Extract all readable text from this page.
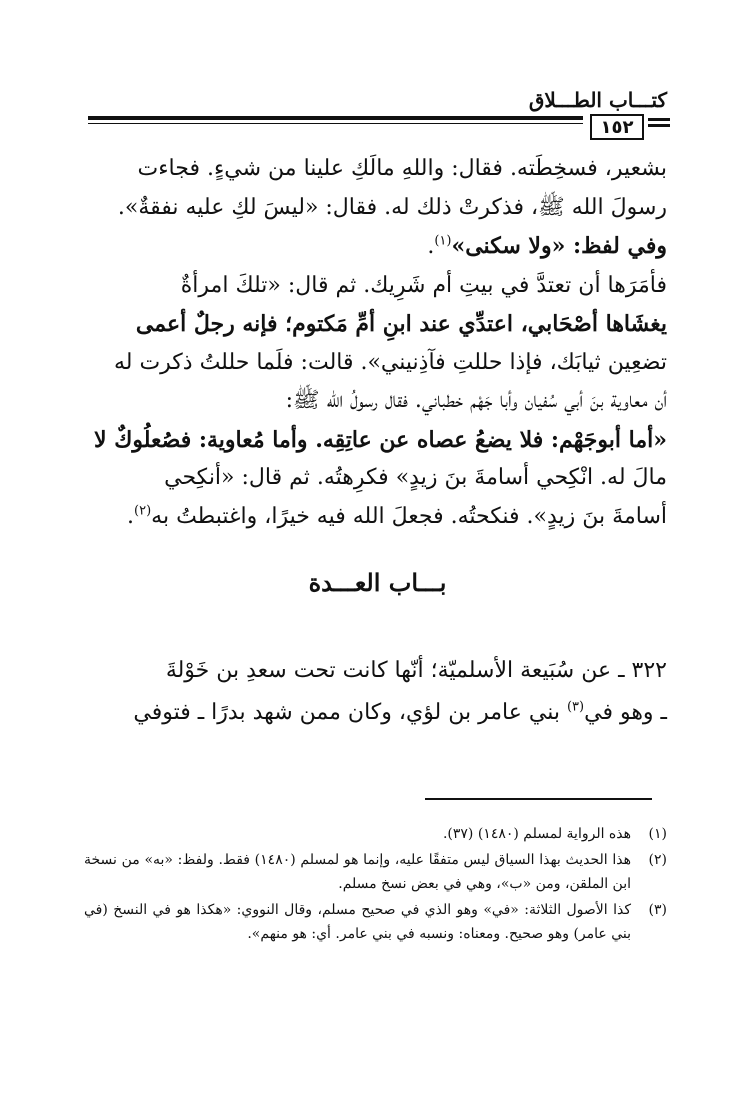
كتـــاب الطـــلاق
١٥٢

بشعير، فسخِطَته. فقال: واللهِ مالَكِ علينا من شيءٍ. فجاءت

رسولَ الله ﷺ، فذكرتْ ذلك له. فقال: «ليسَ لكِ عليه نفقةٌ».

وفي لفظ: «ولا سكنى»$^{(١)}$.

فأمَرَها أن تعتدَّ في بيتِ أم شَرِيك. ثم قال: «تلكَ امرأةٌ

يغشَاها أصْحَابي، اعتدِّي عند ابنِ أمِّ مَكتوم؛ فإنه رجلٌ أعمى

تضعِين ثيابَك، فإذا حللتِ فآذِنيني». قالت: فلَما حللتُ ذكرت له

أن معاوية بنَ أبي سُفيان وأبا جَهْم خطباني. فقال رسولُ الله ﷺ:

«أما أبوجَهْم: فلا يضعُ عصاه عن عاتِقِه. وأما مُعاوية: فصُعلُوكٌ لا

مالَ له. انْكِحي أسامةَ بنَ زيدٍ» فكرِهتُه. ثم قال: «أنكِحي

أسامةَ بنَ زيدٍ». فنكحتُه. فجعلَ الله فيه خيرًا، واغتبطتُ به$^{(٢)}$.

بـــاب العـــدة
٣٢٢ ـ عن سُبَيعة الأسلميّة؛ أنّها كانت تحت سعدِ بن خَوْلةَ
ـ وهو في$^{(٣)}$ بني عامر بن لؤي، وكان ممن شهد بدرًا ـ فتوفي
(١)
هذه الرواية لمسلم (١٤٨٠) (٣٧).
(٢)
هذا الحديث بهذا السياق ليس متفقًا عليه، وإنما هو لمسلم (١٤٨٠) فقط. ولفظ: «به» من نسخة ابن الملقن، ومن «ب»، وهي في بعض نسخ مسلم.
(٣)
كذا الأصول الثلاثة: «في» وهو الذي في صحيح مسلم، وقال النووي: «هكذا هو في النسخ (في بني عامر) وهو صحيح. ومعناه: ونسبه في بني عامر. أي: هو منهم».
